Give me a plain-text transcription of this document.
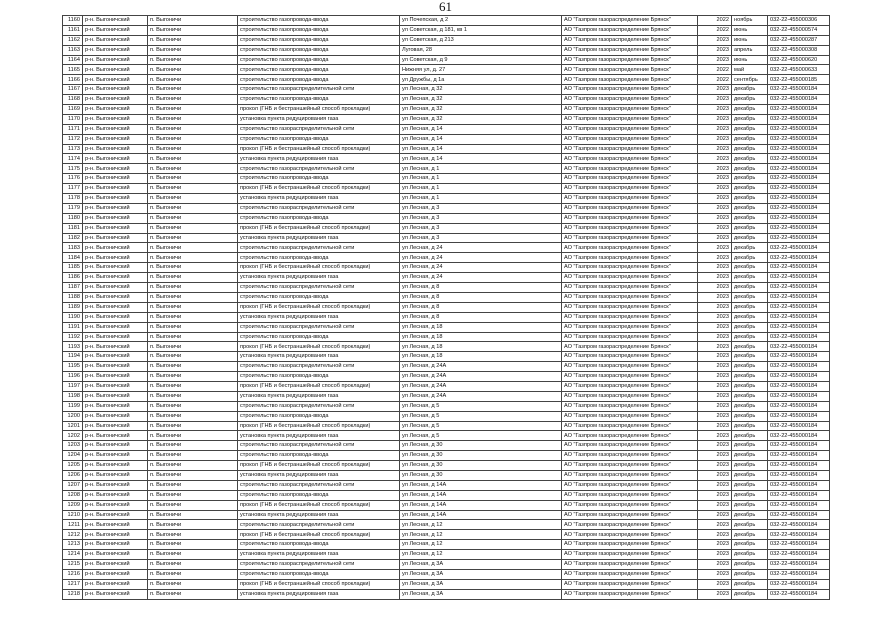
61
1160	р-н. Выгоничский	п. Выгоничи	строительство газопровода-ввода	ул Почепская, д 2	АО "Газпром газораспределение Брянск"	2022	ноябрь	032-22-455000306
1161	р-н. Выгоничский	п. Выгоничи	строительство газопровода-ввода	ул Советская, д 181, кв 1	АО "Газпром газораспределение Брянск"	2022	июнь	032-22-455000574
1162	р-н. Выгоничский	п. Выгоничи	строительство газопровода-ввода	ул Советская, д 213	АО "Газпром газораспределение Брянск"	2023	июнь	032-22-455000287
1163	р-н. Выгоничский	п. Выгоничи	строительство газопровода-ввода	Луговая, 28	АО "Газпром газораспределение Брянск"	2023	апрель	032-22-455000308
1164	р-н. Выгоничский	п. Выгоничи	строительство газопровода-ввода	ул Советская, д 9	АО "Газпром газораспределение Брянск"	2023	июнь	032-22-455000620
1165	р-н. Выгоничский	п. Выгоничи	строительство газопровода-ввода	Нижняя ул, д. 27	АО "Газпром газораспределение Брянск"	2022	май	032-22-455000633
1166	р-н. Выгоничский	п. Выгоничи	строительство газопровода-ввода	ул Дружбы, д 1а	АО "Газпром газораспределение Брянск"	2022	сентябрь	032-22-455000185
1167	р-н. Выгоничский	п. Выгоничи	строительство газораспределительной сети	ул Лесная, д 32	АО "Газпром газораспределение Брянск"	2023	декабрь	032-22-455000184
1168	р-н. Выгоничский	п. Выгоничи	строительство газопровода-ввода	ул Лесная, д 32	АО "Газпром газораспределение Брянск"	2023	декабрь	032-22-455000184
1169	р-н. Выгоничский	п. Выгоничи	прокол (ГНБ и бестраншейный способ прокладки)	ул Лесная, д 32	АО "Газпром газораспределение Брянск"	2023	декабрь	032-22-455000184
1170	р-н. Выгоничский	п. Выгоничи	установка пункта редуцирования газа	ул Лесная, д 32	АО "Газпром газораспределение Брянск"	2023	декабрь	032-22-455000184
1171	р-н. Выгоничский	п. Выгоничи	строительство газораспределительной сети	ул Лесная, д 14	АО "Газпром газораспределение Брянск"	2023	декабрь	032-22-455000184
1172	р-н. Выгоничский	п. Выгоничи	строительство газопровода-ввода	ул Лесная, д 14	АО "Газпром газораспределение Брянск"	2023	декабрь	032-22-455000184
1173	р-н. Выгоничский	п. Выгоничи	прокол (ГНБ и бестраншейный способ прокладки)	ул Лесная, д 14	АО "Газпром газораспределение Брянск"	2023	декабрь	032-22-455000184
1174	р-н. Выгоничский	п. Выгоничи	установка пункта редуцирования газа	ул Лесная, д 14	АО "Газпром газораспределение Брянск"	2023	декабрь	032-22-455000184
1175	р-н. Выгоничский	п. Выгоничи	строительство газораспределительной сети	ул Лесная, д 1	АО "Газпром газораспределение Брянск"	2023	декабрь	032-22-455000184
1176	р-н. Выгоничский	п. Выгоничи	строительство газопровода-ввода	ул Лесная, д 1	АО "Газпром газораспределение Брянск"	2023	декабрь	032-22-455000184
1177	р-н. Выгоничский	п. Выгоничи	прокол (ГНБ и бестраншейный способ прокладки)	ул Лесная, д 1	АО "Газпром газораспределение Брянск"	2023	декабрь	032-22-455000184
1178	р-н. Выгоничский	п. Выгоничи	установка пункта редуцирования газа	ул Лесная, д 1	АО "Газпром газораспределение Брянск"	2023	декабрь	032-22-455000184
1179	р-н. Выгоничский	п. Выгоничи	строительство газораспределительной сети	ул Лесная, д 3	АО "Газпром газораспределение Брянск"	2023	декабрь	032-22-455000184
1180	р-н. Выгоничский	п. Выгоничи	строительство газопровода-ввода	ул Лесная, д 3	АО "Газпром газораспределение Брянск"	2023	декабрь	032-22-455000184
1181	р-н. Выгоничский	п. Выгоничи	прокол (ГНБ и бестраншейный способ прокладки)	ул Лесная, д 3	АО "Газпром газораспределение Брянск"	2023	декабрь	032-22-455000184
1182	р-н. Выгоничский	п. Выгоничи	установка пункта редуцирования газа	ул Лесная, д 3	АО "Газпром газораспределение Брянск"	2023	декабрь	032-22-455000184
1183	р-н. Выгоничский	п. Выгоничи	строительство газораспределительной сети	ул Лесная, д 24	АО "Газпром газораспределение Брянск"	2023	декабрь	032-22-455000184
1184	р-н. Выгоничский	п. Выгоничи	строительство газопровода-ввода	ул Лесная, д 24	АО "Газпром газораспределение Брянск"	2023	декабрь	032-22-455000184
1185	р-н. Выгоничский	п. Выгоничи	прокол (ГНБ и бестраншейный способ прокладки)	ул Лесная, д 24	АО "Газпром газораспределение Брянск"	2023	декабрь	032-22-455000184
1186	р-н. Выгоничский	п. Выгоничи	установка пункта редуцирования газа	ул Лесная, д 24	АО "Газпром газораспределение Брянск"	2023	декабрь	032-22-455000184
1187	р-н. Выгоничский	п. Выгоничи	строительство газораспределительной сети	ул Лесная, д 8	АО "Газпром газораспределение Брянск"	2023	декабрь	032-22-455000184
1188	р-н. Выгоничский	п. Выгоничи	строительство газопровода-ввода	ул Лесная, д 8	АО "Газпром газораспределение Брянск"	2023	декабрь	032-22-455000184
1189	р-н. Выгоничский	п. Выгоничи	прокол (ГНБ и бестраншейный способ прокладки)	ул Лесная, д 8	АО "Газпром газораспределение Брянск"	2023	декабрь	032-22-455000184
1190	р-н. Выгоничский	п. Выгоничи	установка пункта редуцирования газа	ул Лесная, д 8	АО "Газпром газораспределение Брянск"	2023	декабрь	032-22-455000184
1191	р-н. Выгоничский	п. Выгоничи	строительство газораспределительной сети	ул Лесная, д 18	АО "Газпром газораспределение Брянск"	2023	декабрь	032-22-455000184
1192	р-н. Выгоничский	п. Выгоничи	строительство газопровода-ввода	ул Лесная, д 18	АО "Газпром газораспределение Брянск"	2023	декабрь	032-22-455000184
1193	р-н. Выгоничский	п. Выгоничи	прокол (ГНБ и бестраншейный способ прокладки)	ул Лесная, д 18	АО "Газпром газораспределение Брянск"	2023	декабрь	032-22-455000184
1194	р-н. Выгоничский	п. Выгоничи	установка пункта редуцирования газа	ул Лесная, д 18	АО "Газпром газораспределение Брянск"	2023	декабрь	032-22-455000184
1195	р-н. Выгоничский	п. Выгоничи	строительство газораспределительной сети	ул Лесная, д 24А	АО "Газпром газораспределение Брянск"	2023	декабрь	032-22-455000184
1196	р-н. Выгоничский	п. Выгоничи	строительство газопровода-ввода	ул Лесная, д 24А	АО "Газпром газораспределение Брянск"	2023	декабрь	032-22-455000184
1197	р-н. Выгоничский	п. Выгоничи	прокол (ГНБ и бестраншейный способ прокладки)	ул Лесная, д 24А	АО "Газпром газораспределение Брянск"	2023	декабрь	032-22-455000184
1198	р-н. Выгоничский	п. Выгоничи	установка пункта редуцирования газа	ул Лесная, д 24А	АО "Газпром газораспределение Брянск"	2023	декабрь	032-22-455000184
1199	р-н. Выгоничский	п. Выгоничи	строительство газораспределительной сети	ул Лесная, д 5	АО "Газпром газораспределение Брянск"	2023	декабрь	032-22-455000184
1200	р-н. Выгоничский	п. Выгоничи	строительство газопровода-ввода	ул Лесная, д 5	АО "Газпром газораспределение Брянск"	2023	декабрь	032-22-455000184
1201	р-н. Выгоничский	п. Выгоничи	прокол (ГНБ и бестраншейный способ прокладки)	ул Лесная, д 5	АО "Газпром газораспределение Брянск"	2023	декабрь	032-22-455000184
1202	р-н. Выгоничский	п. Выгоничи	установка пункта редуцирования газа	ул Лесная, д 5	АО "Газпром газораспределение Брянск"	2023	декабрь	032-22-455000184
1203	р-н. Выгоничский	п. Выгоничи	строительство газораспределительной сети	ул Лесная, д 30	АО "Газпром газораспределение Брянск"	2023	декабрь	032-22-455000184
1204	р-н. Выгоничский	п. Выгоничи	строительство газопровода-ввода	ул Лесная, д 30	АО "Газпром газораспределение Брянск"	2023	декабрь	032-22-455000184
1205	р-н. Выгоничский	п. Выгоничи	прокол (ГНБ и бестраншейный способ прокладки)	ул Лесная, д 30	АО "Газпром газораспределение Брянск"	2023	декабрь	032-22-455000184
1206	р-н. Выгоничский	п. Выгоничи	установка пункта редуцирования газа	ул Лесная, д 30	АО "Газпром газораспределение Брянск"	2023	декабрь	032-22-455000184
1207	р-н. Выгоничский	п. Выгоничи	строительство газораспределительной сети	ул Лесная, д 14А	АО "Газпром газораспределение Брянск"	2023	декабрь	032-22-455000184
1208	р-н. Выгоничский	п. Выгоничи	строительство газопровода-ввода	ул Лесная, д 14А	АО "Газпром газораспределение Брянск"	2023	декабрь	032-22-455000184
1209	р-н. Выгоничский	п. Выгоничи	прокол (ГНБ и бестраншейный способ прокладки)	ул Лесная, д 14А	АО "Газпром газораспределение Брянск"	2023	декабрь	032-22-455000184
1210	р-н. Выгоничский	п. Выгоничи	установка пункта редуцирования газа	ул Лесная, д 14А	АО "Газпром газораспределение Брянск"	2023	декабрь	032-22-455000184
1211	р-н. Выгоничский	п. Выгоничи	строительство газораспределительной сети	ул Лесная, д 12	АО "Газпром газораспределение Брянск"	2023	декабрь	032-22-455000184
1212	р-н. Выгоничский	п. Выгоничи	прокол (ГНБ и бестраншейный способ прокладки)	ул Лесная, д 12	АО "Газпром газораспределение Брянск"	2023	декабрь	032-22-455000184
1213	р-н. Выгоничский	п. Выгоничи	строительство газопровода-ввода	ул Лесная, д 12	АО "Газпром газораспределение Брянск"	2023	декабрь	032-22-455000184
1214	р-н. Выгоничский	п. Выгоничи	установка пункта редуцирования газа	ул Лесная, д 12	АО "Газпром газораспределение Брянск"	2023	декабрь	032-22-455000184
1215	р-н. Выгоничский	п. Выгоничи	строительство газораспределительной сети	ул Лесная, д 3А	АО "Газпром газораспределение Брянск"	2023	декабрь	032-22-455000184
1216	р-н. Выгоничский	п. Выгоничи	строительство газопровода-ввода	ул Лесная, д 3А	АО "Газпром газораспределение Брянск"	2023	декабрь	032-22-455000184
1217	р-н. Выгоничский	п. Выгоничи	прокол (ГНБ и бестраншейный способ прокладки)	ул Лесная, д 3А	АО "Газпром газораспределение Брянск"	2023	декабрь	032-22-455000184
1218	р-н. Выгоничский	п. Выгоничи	установка пункта редуцирования газа	ул Лесная, д 3А	АО "Газпром газораспределение Брянск"	2023	декабрь	032-22-455000184
